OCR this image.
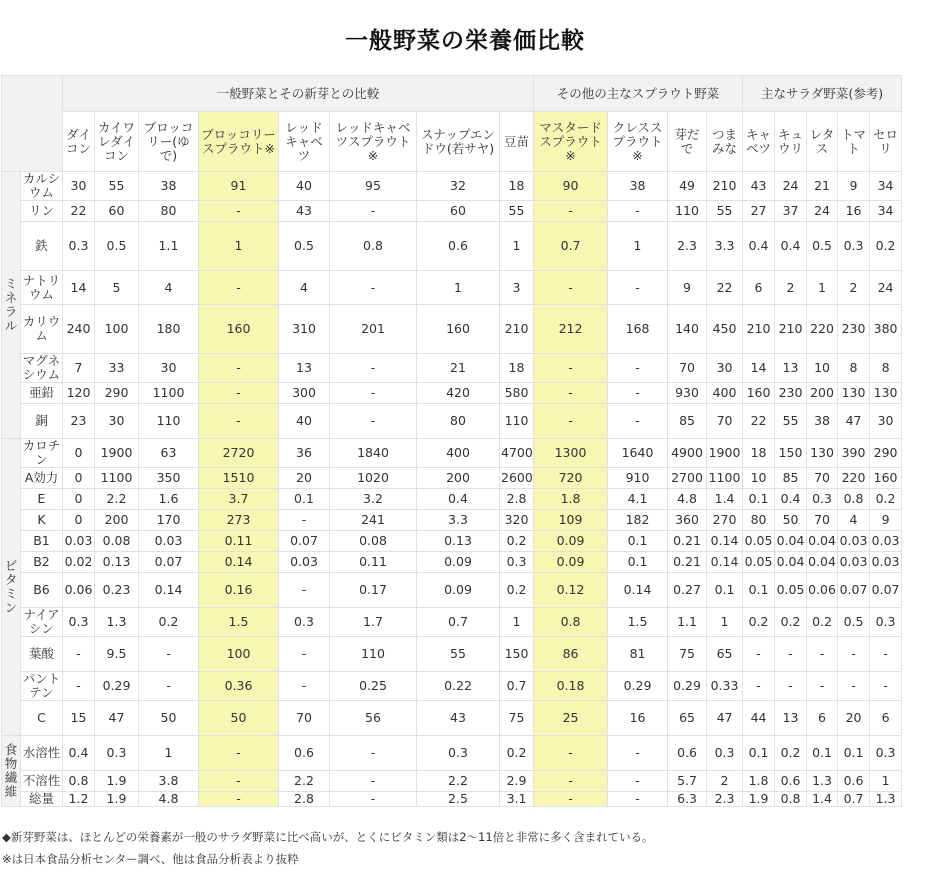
一般野菜の栄養価比較
		一般野菜とその新芽との比較								その他の主なスプラウト野菜				主なサラダ野菜(参考)				
		ダイコン	カイワレダイコン	ブロッコリー(ゆで)	ブロッコリースプラウト※	レッドキャベツ	レッドキャベツスプラウト※	スナップエンドウ(若サヤ)	豆苗	マスタードスプラウト※	クレススプラウト※	芽だで	つまみな	キャベツ	キュウリ	レタス	トマト	セロリ
ミネラル	カルシウム	30	55	38	91	40	95	32	18	90	38	49	210	43	24	21	9	34
	リン	22	60	80	-	43	-	60	55	-	-	110	55	27	37	24	16	34
	鉄	0.3	0.5	1.1	1	0.5	0.8	0.6	1	0.7	1	2.3	3.3	0.4	0.4	0.5	0.3	0.2
	ナトリウム	14	5	4	-	4	-	1	3	-	-	9	22	6	2	1	2	24
	カリウム	240	100	180	160	310	201	160	210	212	168	140	450	210	210	220	230	380
	マグネシウム	7	33	30	-	13	-	21	18	-	-	70	30	14	13	10	8	8
	亜鉛	120	290	1100	-	300	-	420	580	-	-	930	400	160	230	200	130	130
	銅	23	30	110	-	40	-	80	110	-	-	85	70	22	55	38	47	30
ビタミン	カロチン	0	1900	63	2720	36	1840	400	4700	1300	1640	4900	1900	18	150	130	390	290
	A効力	0	1100	350	1510	20	1020	200	2600	720	910	2700	1100	10	85	70	220	160
	E	0	2.2	1.6	3.7	0.1	3.2	0.4	2.8	1.8	4.1	4.8	1.4	0.1	0.4	0.3	0.8	0.2
	K	0	200	170	273	-	241	3.3	320	109	182	360	270	80	50	70	4	9
	B1	0.03	0.08	0.03	0.11	0.07	0.08	0.13	0.2	0.09	0.1	0.21	0.14	0.05	0.04	0.04	0.03	0.03
	B2	0.02	0.13	0.07	0.14	0.03	0.11	0.09	0.3	0.09	0.1	0.21	0.14	0.05	0.04	0.04	0.03	0.03
	B6	0.06	0.23	0.14	0.16	-	0.17	0.09	0.2	0.12	0.14	0.27	0.1	0.1	0.05	0.06	0.07	0.07
	ナイアシン	0.3	1.3	0.2	1.5	0.3	1.7	0.7	1	0.8	1.5	1.1	1	0.2	0.2	0.2	0.5	0.3
	葉酸	-	9.5	-	100	-	110	55	150	86	81	75	65	-	-	-	-	-
	パントテン	-	0.29	-	0.36	-	0.25	0.22	0.7	0.18	0.29	0.29	0.33	-	-	-	-	-
	C	15	47	50	50	70	56	43	75	25	16	65	47	44	13	6	20	6
食物繊維	水溶性	0.4	0.3	1	-	0.6	-	0.3	0.2	-	-	0.6	0.3	0.1	0.2	0.1	0.1	0.3
	不溶性	0.8	1.9	3.8	-	2.2	-	2.2	2.9	-	-	5.7	2	1.8	0.6	1.3	0.6	1
	総量	1.2	1.9	4.8	-	2.8	-	2.5	3.1	-	-	6.3	2.3	1.9	0.8	1.4	0.7	1.3
◆新芽野菜は、ほとんどの栄養素が一般のサラダ野菜に比べ高いが、とくにビタミン類は2～11倍と非常に多く含まれている。
※は日本食品分析センター調べ、他は食品分析表より抜粋
